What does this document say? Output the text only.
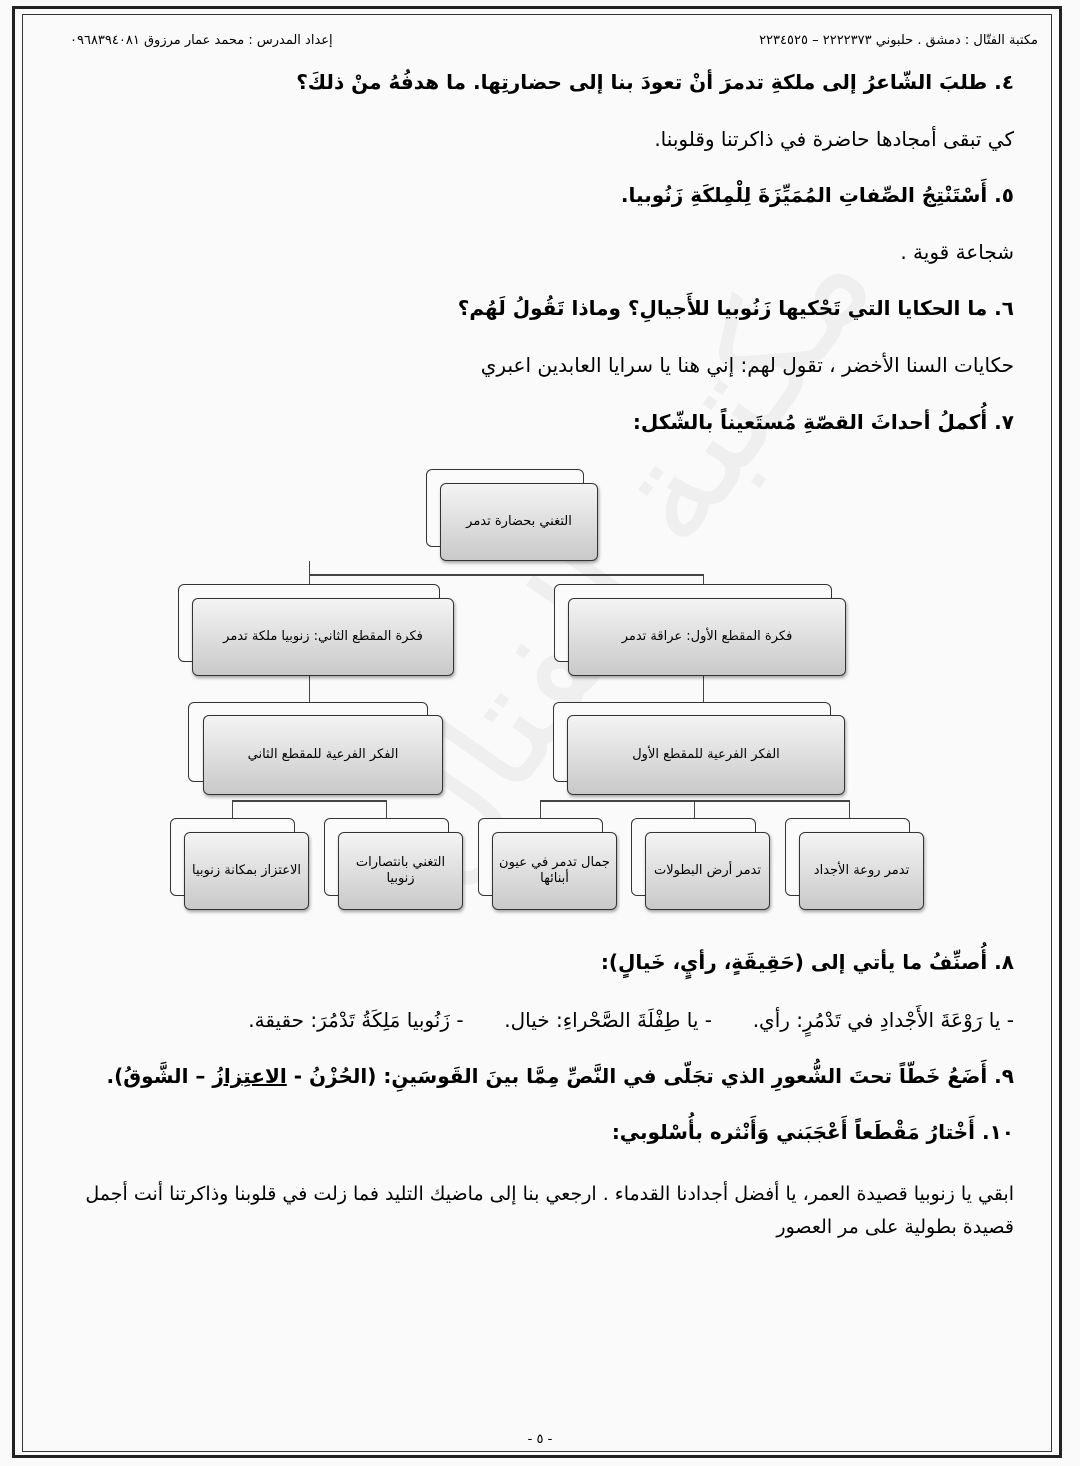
مكتبة الفتّال : دمشق . حلبوني ٢٢٢٢٣٧٣ – ٢٢٣٤٥٢٥
إعداد المدرس : محمد عمار مرزوق ٠٩٦٨٣٩٤٠٨١
٤. طلبَ الشّاعرُ إلى ملكةِ تدمرَ أنْ تعودَ بنا إلى حضارتِها. ما هدفُهُ منْ ذلكَ؟
كي تبقى أمجادها حاضرة في ذاكرتنا وقلوبنا.
٥. أَسْتَنْتِجُ الصِّفاتِ المُمَيِّزَةَ لِلْمِلكَةِ زَنُوبيا.
شجاعة قوية .
٦. ما الحكايا التي تَحْكيها زَنُوبيا للأَجيالِ؟ وماذا تَقُولُ لَهُم؟
حكايات السنا الأخضر ، تقول لهم: إني هنا يا سرايا العابدين اعبري
٧. أُكملُ أحداثَ القصّةِ مُستَعيناً بالشّكل:
التغني بحضارة تدمر
فكرة المقطع الثاني: زنوبيا ملكة تدمر	فكرة المقطع الأول: عراقة تدمر
الفكر الفرعية للمقطع الثاني	الفكر الفرعية للمقطع الأول
الاعتزاز بمكانة زنوبيا
التغني بانتصارات زنوبيا
جمال تدمر في عيون أبنائها
تدمر أرض البطولات	تدمر روعة الأجداد
٨. أُصنِّفُ ما يأتي إلى (حَقِيقَةٍ، رأيٍ، خَيالٍ):
- يا رَوْعَةَ الأَجْدادِ في تَدْمُرٍ: رأي.  - يا طِفْلَةَ الصَّحْراءِ: خيال.  - زَنُوبيا مَلِكَةُ تَدْمُرَ: حقيقة.
٩. أَضَعُ خَطّاً تحتَ الشُّعورِ الذي تجَلّى في النَّصِّ مِمَّا بينَ القَوسَينِ: (الحُزْنُ - الاعتِزازُ – الشَّوقُ).
١٠. أَخْتارُ مَقْطَعاً أَعْجَبَني وَأَنْثره بأُسْلوبي:
ابقي يا زنوبيا قصيدة العمر، يا أفضل أجدادنا القدماء . ارجعي بنا إلى ماضيك التليد فما زلت في قلوبنا وذاكرتنا أنت أجمل قصيدة بطولية على مر العصور
- ٥ -
